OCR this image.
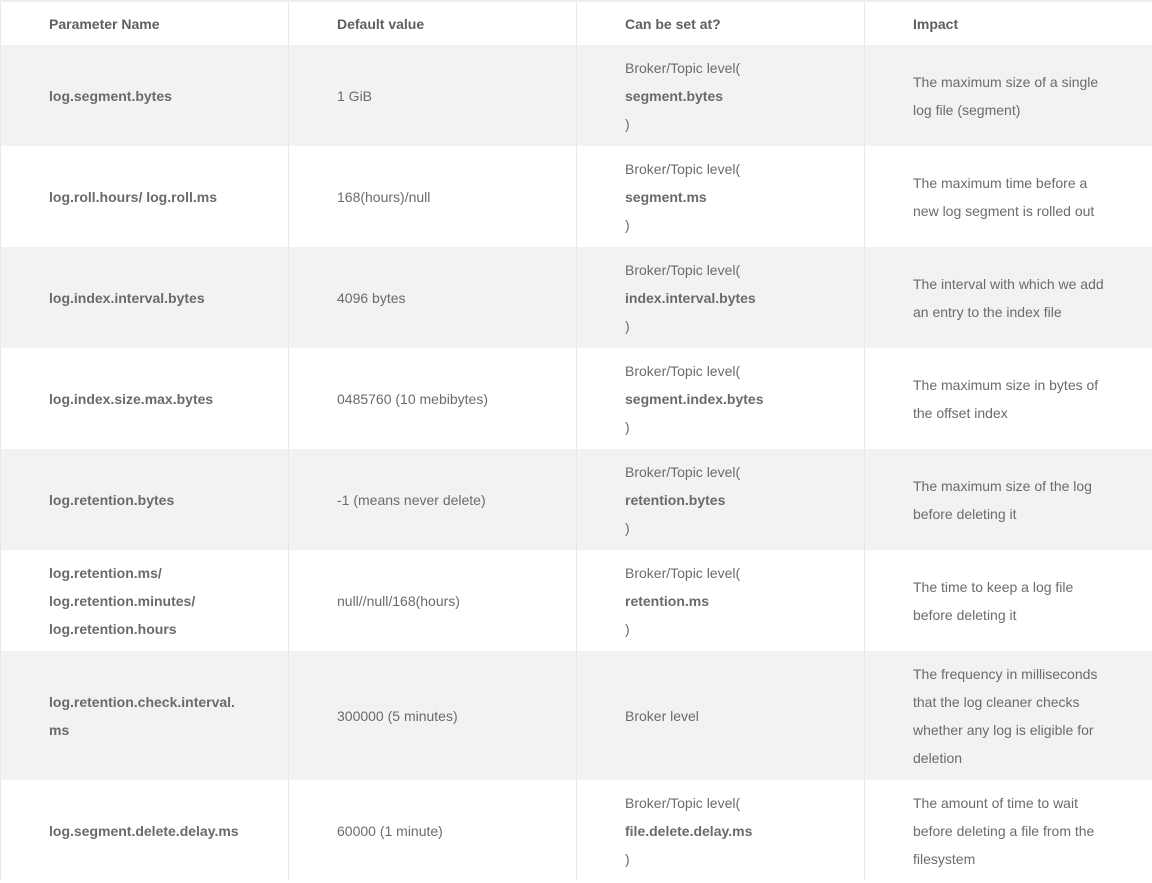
Parameter Name	Default value	Can be set at?	Impact

log.segment.bytes	1 GiB	Broker/Topic level(
segment.bytes
)	The maximum size of a single log file (segment)

log.roll.hours/ log.roll.ms	168(hours)/null	Broker/Topic level(
segment.ms
)	The maximum time before a new log segment is rolled out

log.index.interval.bytes	4096 bytes	Broker/Topic level(
index.interval.bytes
)	The interval with which we add an entry to the index file

log.index.size.max.bytes	0485760 (10 mebibytes)	Broker/Topic level(
segment.index.bytes
)	The maximum size in bytes of the offset index

log.retention.bytes	-1 (means never delete)	Broker/Topic level(
retention.bytes
)	The maximum size of the log before deleting it

log.retention.ms/
log.retention.minutes/
log.retention.hours	null//null/168(hours)	Broker/Topic level(
retention.ms
)	The time to keep a log file before deleting it

log.retention.check.interval.
ms	300000 (5 minutes)	Broker level	The frequency in milliseconds that the log cleaner checks whether any log is eligible for deletion

log.segment.delete.delay.ms	60000 (1 minute)	Broker/Topic level(
file.delete.delay.ms
)	The amount of time to wait before deleting a file from the filesystem
